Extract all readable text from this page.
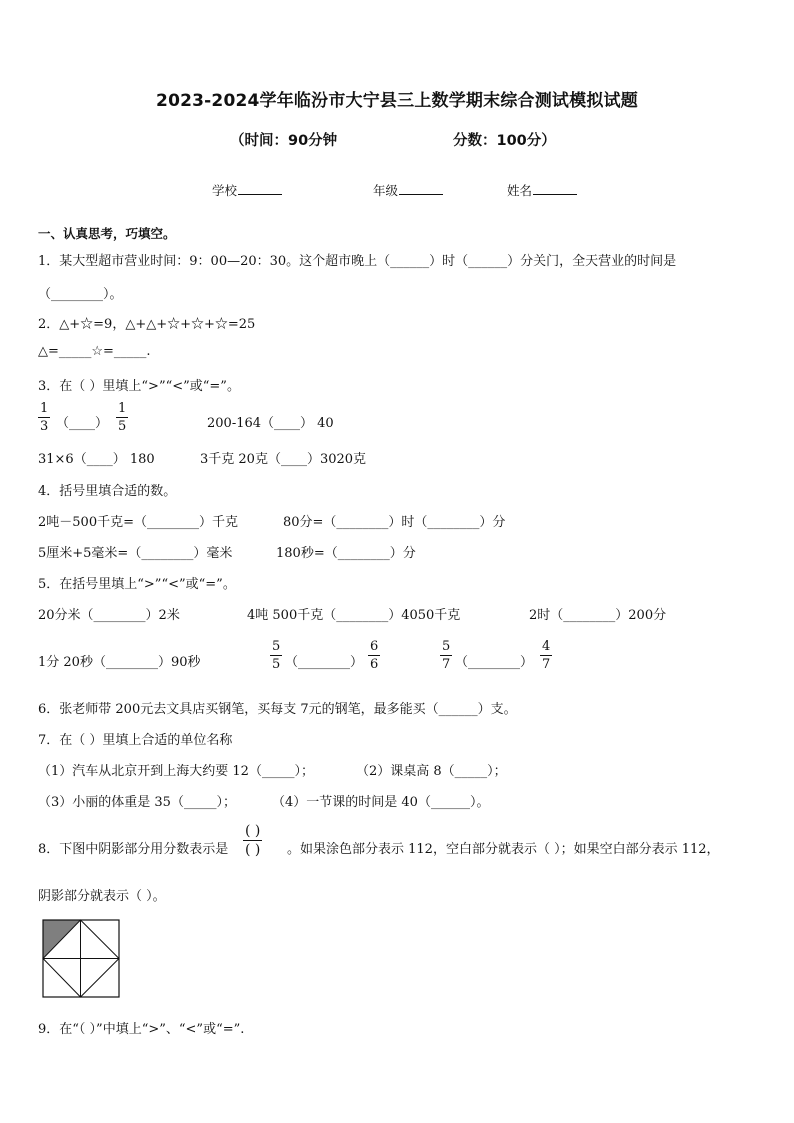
2023-2024学年临汾市大宁县三上数学期末综合测试模拟试题
（时间：90分钟	分数：100分）
学校	年级	姓名
一、认真思考，巧填空。
1．某大型超市营业时间：9：00—20：30。这个超市晚上（______）时（______）分关门，全天营业的时间是
（________）。
2．△+☆=9，△+△+☆+☆+☆=25
△=_____☆=_____.
3．在（ ）里填上“>”“<”或“=”。
1
3 （____）
1
5	200-164（____） 40
31×6（____） 180	3千克 20克（____）3020克
4．括号里填合适的数。
2吨－500千克=（________）千克	80分=（________）时（________）分
5厘米+5毫米=（________）毫米	180秒=（________）分
5．在括号里填上“>”“<”或“=”。
20分米（________）2米	4吨 500千克（________）4050千克	2时（________）200分
1分 20秒（________）90秒
5
5 （________）
6
6
5
7 （________）
4
7
6．张老师带 200元去文具店买钢笔，买每支 7元的钢笔，最多能买（______）支。
7．在（ ）里填上合适的单位名称
（1）汽车从北京开到上海大约要 12（_____）；	（2）课桌高 8（_____）；
（3）小丽的体重是 35（_____）；	（4）一节课的时间是 40（______）。
8．下图中阴影部分用分数表示是
( )
( ) 。如果涂色部分表示 112，空白部分就表示（ ）；如果空白部分表示 112，
阴影部分就表示（ ）。
9．在“（ ）”中填上“>”、“<”或“=”.
